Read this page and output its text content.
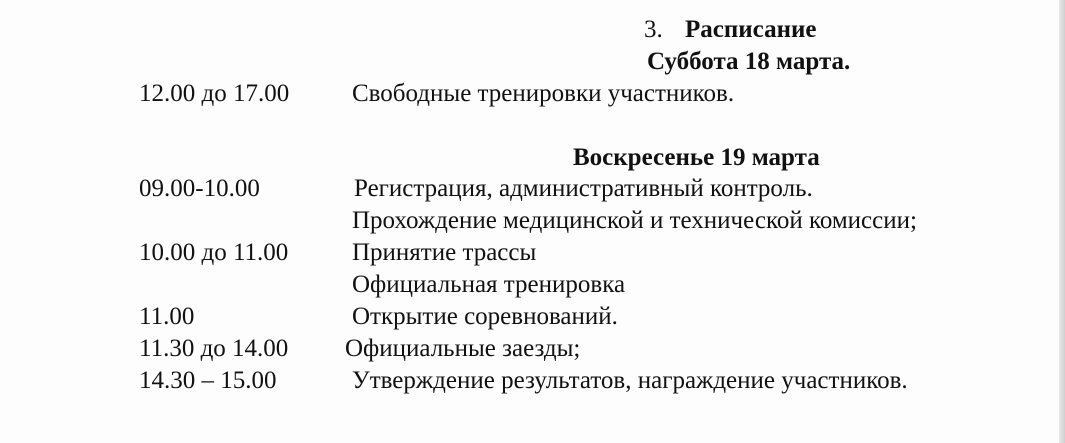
3. Расписание
Суббота 18 марта.
12.00 до 17.00	Свободные тренировки участников.
Воскресенье 19 марта
09.00-10.00	Регистрация, административный контроль.
Прохождение медицинской и технической комиссии;
10.00 до 11.00	Принятие трассы
Официальная тренировка
11.00	Открытие соревнований.
11.30 до 14.00 Официальные заезды;
14.30 – 15.00	Утверждение результатов, награждение участников.
